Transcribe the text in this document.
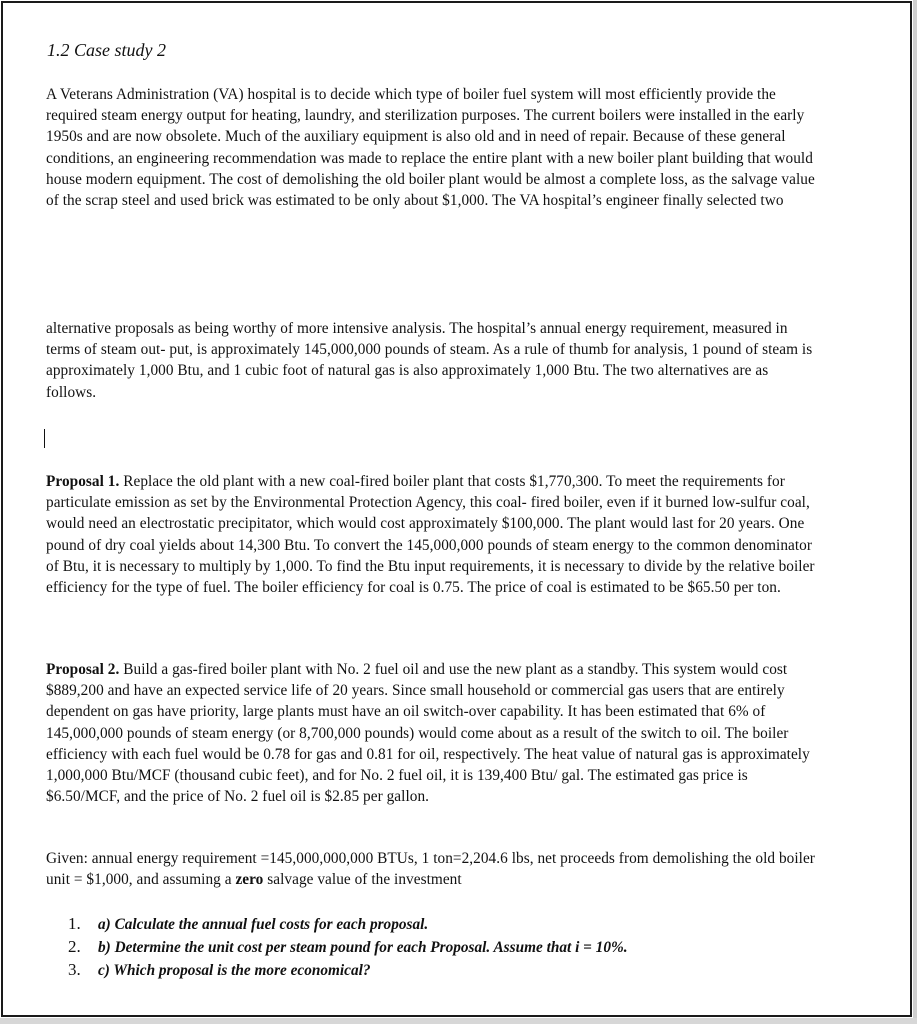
1.2 Case study 2

A Veterans Administration (VA) hospital is to decide which type of boiler fuel system will most efficiently provide the required steam energy output for heating, laundry, and sterilization purposes. The current boilers were installed in the early 1950s and are now obsolete. Much of the auxiliary equipment is also old and in need of repair. Because of these general conditions, an engineering recommendation was made to replace the entire plant with a new boiler plant building that would house modern equipment. The cost of demolishing the old boiler plant would be almost a complete loss, as the salvage value of the scrap steel and used brick was estimated to be only about $1,000. The VA hospital’s engineer finally selected two

alternative proposals as being worthy of more intensive analysis. The hospital’s annual energy requirement, measured in terms of steam out- put, is approximately 145,000,000 pounds of steam. As a rule of thumb for analysis, 1 pound of steam is approximately 1,000 Btu, and 1 cubic foot of natural gas is also approximately 1,000 Btu. The two alternatives are as follows.

Proposal 1. Replace the old plant with a new coal-fired boiler plant that costs $1,770,300. To meet the requirements for particulate emission as set by the Environmental Protection Agency, this coal- fired boiler, even if it burned low-sulfur coal, would need an electrostatic precipitator, which would cost approximately $100,000. The plant would last for 20 years. One pound of dry coal yields about 14,300 Btu. To convert the 145,000,000 pounds of steam energy to the common denominator of Btu, it is necessary to multiply by 1,000. To find the Btu input requirements, it is necessary to divide by the relative boiler efficiency for the type of fuel. The boiler efficiency for coal is 0.75. The price of coal is estimated to be $65.50 per ton.

Proposal 2. Build a gas-fired boiler plant with No. 2 fuel oil and use the new plant as a standby. This system would cost $889,200 and have an expected service life of 20 years. Since small household or commercial gas users that are entirely dependent on gas have priority, large plants must have an oil switch-over capability. It has been estimated that 6% of 145,000,000 pounds of steam energy (or 8,700,000 pounds) would come about as a result of the switch to oil. The boiler efficiency with each fuel would be 0.78 for gas and 0.81 for oil, respectively. The heat value of natural gas is approximately 1,000,000 Btu/MCF (thousand cubic feet), and for No. 2 fuel oil, it is 139,400 Btu/ gal. The estimated gas price is $6.50/MCF, and the price of No. 2 fuel oil is $2.85 per gallon.

Given: annual energy requirement =145,000,000,000 BTUs, 1 ton=2,204.6 lbs, net proceeds from demolishing the old boiler unit = $1,000, and assuming a zero salvage value of the investment

1. a) Calculate the annual fuel costs for each proposal.
2. b) Determine the unit cost per steam pound for each Proposal. Assume that i = 10%.
3. c) Which proposal is the more economical?
